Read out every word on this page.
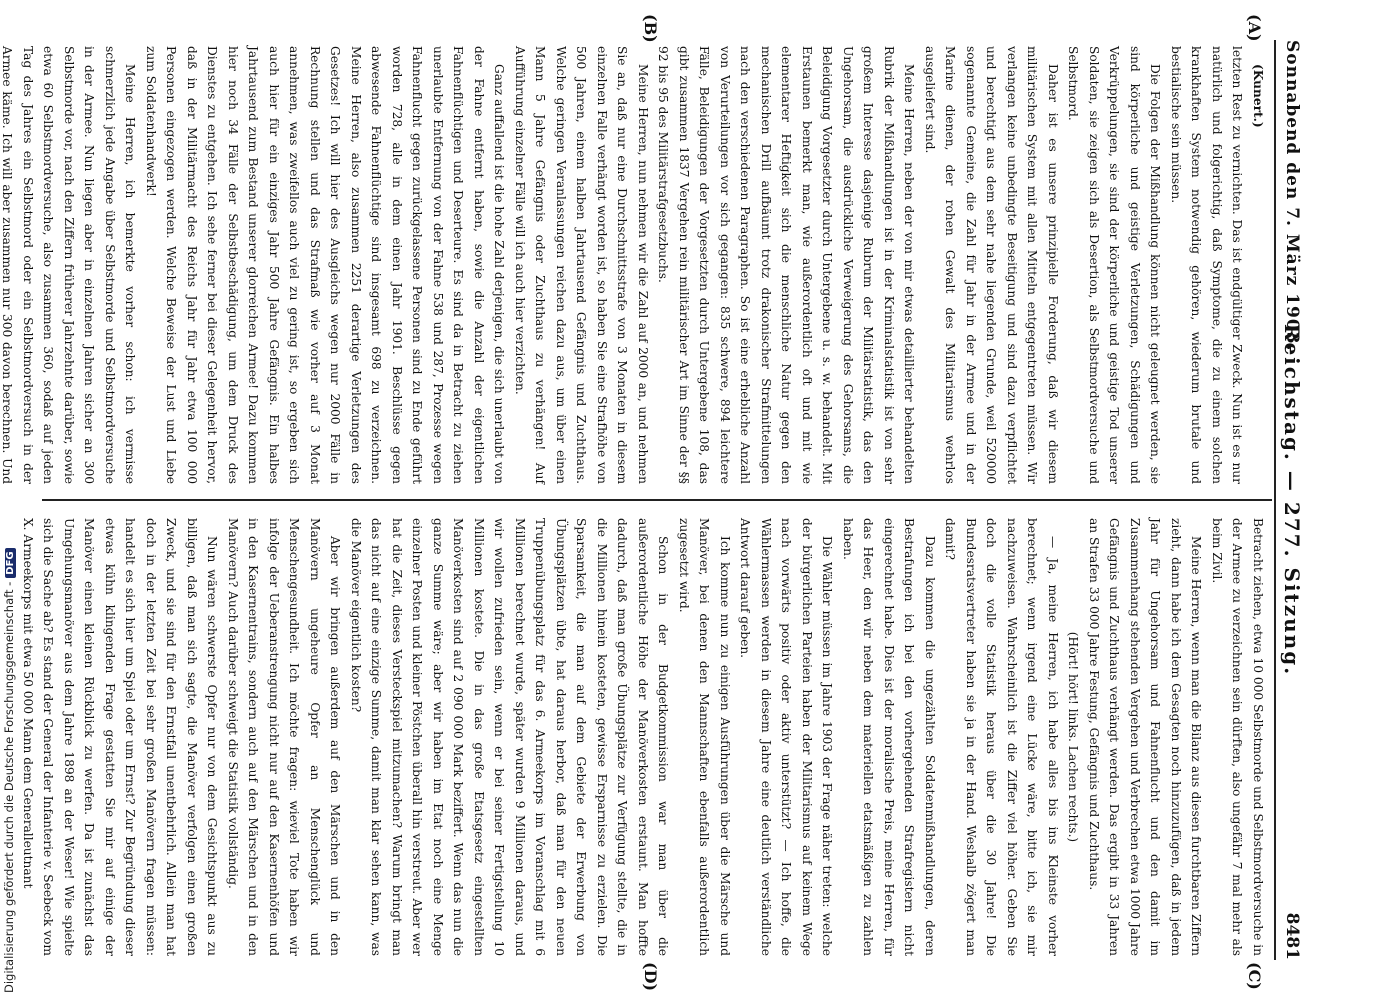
Sonnabend den 7. März 1903.
Reichstag. — 277. Sitzung.
8481
(A)
(B)
(C)
(D)

(Kunert.)

letzten Rest zu vernichten. Das ist endgültiger Zweck. Nun ist es nur natürlich und folgerichtig, daß Symptome, die zu einem solchen krankhaften System notwendig gehören, wiederum brutale und bestialische sein müssen.

Die Folgen der Mißhandlung können nicht geleugnet werden, sie sind körperliche und geistige Verletzungen, Schädigungen und Verkrüppelungen, sie sind der körperliche und geistige Tod unserer Soldaten, sie zeigen sich als Desertion, als Selbstmordversuche und Selbstmord.

Daher ist es unsere prinzipielle Forderung, daß wir diesem militärischen System mit allen Mitteln entgegentreten müssen. Wir verlangen keine unbedingte Beseitigung und sind dazu verpflichtet und berechtigt aus dem sehr nahe liegenden Grunde, weil 520000 sogenannte Gemeine, die Zahl für Jahr in der Armee und in der Marine dienen, der rohen Gewalt des Militarismus wehrlos ausgeliefert sind.

Meine Herren, neben der von mir etwas detaillierter behandelten Rubrik der Mißhandlungen ist in der Kriminalstatistik ist von sehr großem Interesse dasjenige Rubrum der Militärstatistik, das den Ungehorsam, die ausdrückliche Verweigerung des Gehorsams, die Beleidigung Vorgesetzter durch Untergebene u. s. w. behandelt. Mit Erstaunen bemerkt man, wie außerordentlich oft und mit wie elementarer Heftigkeit sich die menschliche Natur gegen den mechanischen Drill aufbäumt trotz drakonischer Strafmittelungen nach den verschiedenen Paragraphen. So ist eine erhebliche Anzahl von Verurteilungen vor sich gegangen: 835 schwere, 894 leichtere Fälle, Beleidigungen der Vorgesetzten durch Untergebene 108, das gibt zusammen 1837 Vergehen rein militärischer Art im Sinne der §§ 92 bis 95 des Militärstrafgesetzbuchs.

Meine Herren, nun nehmen wir die Zahl auf 2000 an, und nehmen Sie an, daß nur eine Durchschnittsstrafe von 3 Monaten in diesem einzelnen Falle verhängt worden ist, so haben Sie eine Strafhöhe von 500 Jahren, einem halben Jahrtausend Gefängnis und Zuchthaus. Welche geringen Veranlassungen reichen dazu aus, um über einen Mann 5 Jahre Gefängnis oder Zuchthaus zu verhängen! Auf Aufführung einzelner Fälle will ich auch hier verzichten.

Ganz auffallend ist die hohe Zahl derjenigen, die sich unerlaubt von der Fahne entfernt haben, sowie die Anzahl der eigentlichen Fahnenflüchtigen und Deserteure. Es sind da in Betracht zu ziehen unerlaubte Entfernung von der Fahne 538 und 287, Prozesse wegen Fahnenflucht gegen zurückgelassene Personen sind zu Ende geführt worden 728, alle in dem einen Jahr 1901. Beschlüsse gegen abwesende Fahnenflüchtige sind insgesamt 698 zu verzeichnen. Meine Herren, also zusammen 2251 derartige Verletzungen des Gesetzes! Ich will hier des Ausgleichs wegen nur 2000 Fälle in Rechnung stellen und das Strafmaß wie vorher auf 3 Monat annehmen, was zweifellos auch viel zu gering ist, so ergeben sich auch hier für ein einziges Jahr 500 Jahre Gefängnis. Ein halbes Jahrtausend zum Bestand unserer glorreichen Armee! Dazu kommen hier noch 34 Fälle der Selbstbeschädigung, um dem Druck des Dienstes zu entgehen. Ich sehe ferner bei dieser Gelegenheit hervor, daß in der Militärmacht des Reichs Jahr für Jahr etwa 100 000 Personen eingezogen werden. Welche Beweise der Lust und Liebe zum Soldatenhandwerk!

Meine Herren, ich bemerkte vorher schon: ich vermisse schmerzlich jede Angabe über Selbstmorde und Selbstmordversuche in der Armee. Nun liegen aber in einzelnen Jahren sicher an 300 Selbstmorde vor, nach den Ziffern früherer Jahrzehnte darüber, sowie etwa 60 Selbstmordversuche, also zusammen 360, sodaß auf jeden Tag des Jahres ein Selbstmord oder ein Selbstmordversuch in der Armee käme. Ich will aber zusammen nur 300 davon berechnen. Und

Betracht ziehen, etwa 10 000 Selbstmorde und Selbstmordversuche in der Armee zu verzeichnen sein dürften, also ungefähr 7 mal mehr als beim Zivil.

Meine Herren, wenn man die Bilanz aus diesen furchtbaren Ziffern zieht, dann habe ich dem Gesagten noch hinzuzufügen, daß in jedem Jahr für Ungehorsam und Fahnenflucht und den damit im Zusammenhang stehenden Vergehen und Verbrechen etwa 1000 Jahre Gefängnis und Zuchthaus verhängt werden. Das ergibt in 33 Jahren an Strafen 33 000 Jahre Festung, Gefängnis und Zuchthaus.

(Hört! hört! links. Lachen rechts.)

— Ja, meine Herren, ich habe alles bis ins Kleinste vorher berechnet; wenn irgend eine Lücke wäre, bitte ich, sie mir nachzuweisen. Wahrscheinlich ist die Ziffer viel höher. Geben Sie doch die volle Statistik heraus über die 30 Jahre! Die Bundesratsvertreter haben sie ja in der Hand. Weshalb zögert man damit?

Dazu kommen die ungezählten Soldatenmißhandlungen, deren Bestrafungen ich bei den vorhergehenden Strafregistern nicht eingerechnet habe. Dies ist der moralische Preis, meine Herren, für das Heer, den wir neben dem materiellen etatsmäßigen zu zahlen haben.

Die Wähler müssen im Jahre 1903 der Frage näher treten: welche der bürgerlichen Parteien haben der Militarismus auf keinem Wege nach vorwärts positiv oder aktiv unterstützt? — Ich hoffe, die Wählermassen werden in diesem Jahre eine deutlich verständliche Antwort darauf geben.

Ich komme nun zu einigen Ausführungen über die Märsche und Manöver, bei denen den Mannschaften ebenfalls außerordentlich zugesetzt wird.

Schon in der Budgetkommission war man über die außerordentliche Höhe der Manöverkosten erstaunt. Man hoffte dadurch, daß man große Übungsplätze zur Verfügung stellte, die in die Millionen hinein kosteten, gewisse Ersparnisse zu erzielen. Die Sparsamkeit, die man auf dem Gebiete der Erwerbung von Übungsplätzen übte, hat daraus herbor, daß man für den neuen Truppenübungsplatz für das 6. Armeekorps im Voranschlag mit 6 Millionen berechnet wurde, später wurden 9 Millionen daraus, und wir wollen zufrieden sein, wenn er bei seiner Fertigstellung 10 Millionen kostete. Die in das große Etatsgesetz eingestellten Manöverkosten sind auf 2 090 000 Mark beziffert. Wenn das nun die ganze Summe wäre; aber wir haben im Etat noch eine Menge einzelner Posten und kleiner Pöstchen überall hin verstreut. Aber wer hat die Zeit, dieses Versteckspiel mitzumachen? Warum bringt man das nicht auf eine einzige Summe, damit man klar sehen kann, was die Manöver eigentlich kosten?

Aber wir bringen außerdem auf den Märschen und in den Manövern ungeheure Opfer an Menschenglück und Menschengesundheit. Ich möchte fragen: wieviel Tote haben wir infolge der Ueberanstrengung nicht nur auf den Kasernenhöfen und in den Kasernentrains, sondern auch auf den Märschen und in den Manövern? Auch darüber schweigt die Statistik vollständig.

Nun wären schwerste Opfer nur von dem Gesichtspunkt aus zu billigen, daß man sich sagte, die Manöver verfolgen einen großen Zweck, und sie sind für den Ernstfall unentbehrlich. Allein man hat doch in der letzten Zeit bei sehr großen Manövern fragen müssen: handelt es sich hier um Spiel oder um Ernst? Zur Begründung dieser etwas kühn klingenden Frage gestatten Sie mir auf einige der Manöver einen kleinen Rückblick zu werfen. Da ist zunächst das Umgehungsmanöver aus dem Jahre 1898 an der Weser! Wie spielte sich die Sache ab? Es stand der General der Infanterie v. Seebeck vom X. Armeekorps mit etwa 50 000 Mann dem Generalleutnant

Digitalisierung gefördert durch die Deutsche Forschungsgemeinschaft -DFG
